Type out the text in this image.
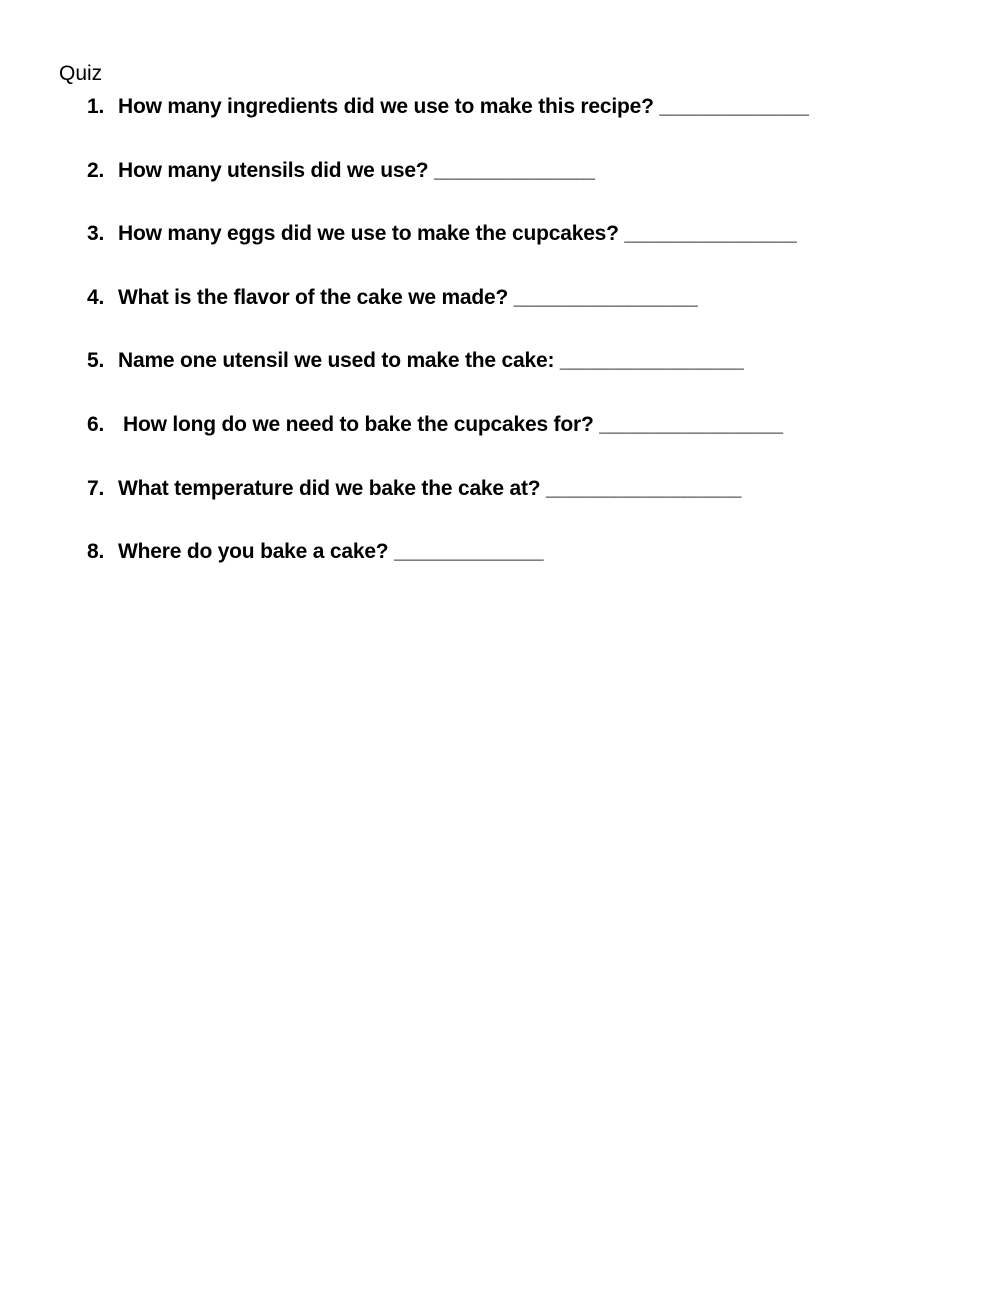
Quiz
1. How many ingredients did we use to make this recipe? _____________
2. How many utensils did we use? ______________
3. How many eggs did we use to make the cupcakes? _______________
4. What is the flavor of the cake we made? ________________
5. Name one utensil we used to make the cake: ________________
6. How long do we need to bake the cupcakes for? ________________
7. What temperature did we bake the cake at? _________________
8. Where do you bake a cake? _____________
